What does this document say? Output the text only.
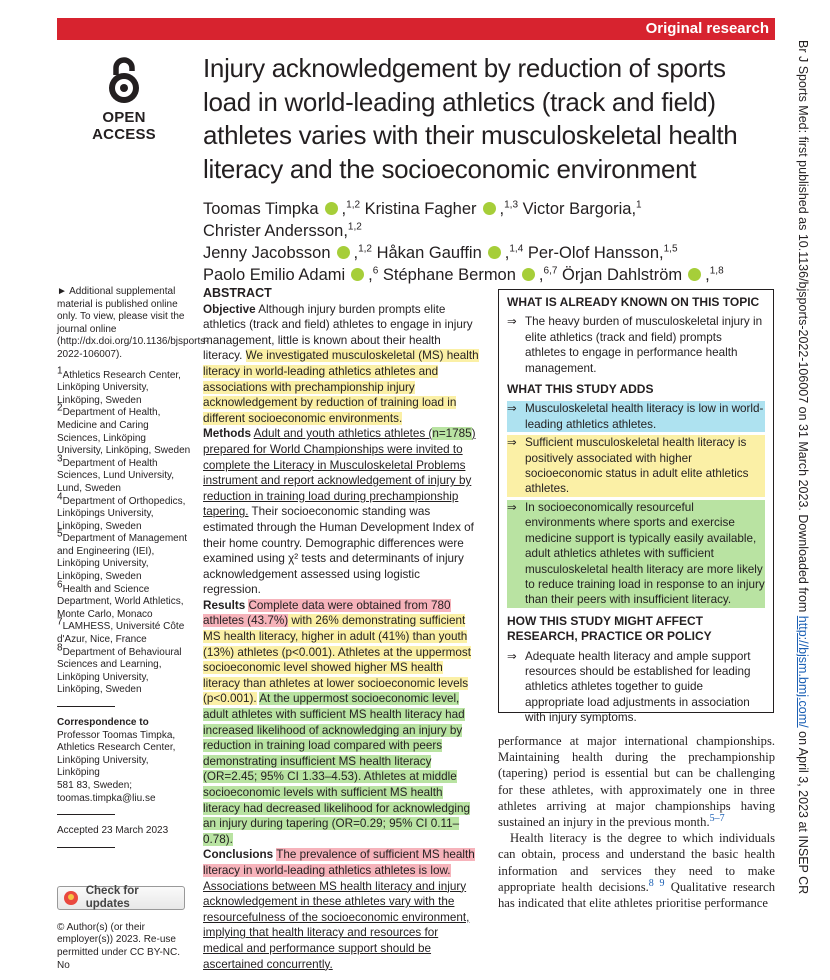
Original research
OPEN ACCESS
Injury acknowledgement by reduction of sports load in world-leading athletics (track and field) athletes varies with their musculoskeletal health literacy and the socioeconomic environment
Toomas Timpka ,$^{1,2}$ Kristina Fagher ,$^{1,3}$ Victor Bargoria,$^1$ Christer Andersson,$^{1,2}$
Jenny Jacobsson ,$^{1,2}$ Håkan Gauffin ,$^{1,4}$ Per-Olof Hansson,$^{1,5}$
Paolo Emilio Adami ,$^6$ Stéphane Bermon ,$^{6,7}$ Örjan Dahlström ,$^{1,8}$

► Additional supplemental material is published online only. To view, please visit the journal online (http://dx.doi.org/10.1136/bjsports-2022-106007).

$^1$Athletics Research Center, Linköping University, Linköping, Sweden

$^2$Department of Health, Medicine and Caring Sciences, Linköping University, Linköping, Sweden

$^3$Department of Health Sciences, Lund University, Lund, Sweden

$^4$Department of Orthopedics, Linköpings University, Linköping, Sweden

$^5$Department of Management and Engineering (IEI), Linköping University, Linköping, Sweden

$^6$Health and Science Department, World Athletics, Monte Carlo, Monaco

$^7$LAMHESS, Université Côte d'Azur, Nice, France

$^8$Department of Behavioural Sciences and Learning, Linköping University, Linköping, Sweden

Correspondence to
Professor Toomas Timpka,
Athletics Research Center,
Linköping University, Linköping
581 83, Sweden;
toomas.timpka@liu.se

Accepted 23 March 2023

Check for updates

© Author(s) (or their employer(s)) 2023. Re-use permitted under CC BY-NC. No

ABSTRACT

Objective Although injury burden prompts elite athletics (track and field) athletes to engage in injury management, little is known about their health literacy. We investigated musculoskeletal (MS) health literacy in world-leading athletics athletes and associations with prechampionship injury acknowledgement by reduction of training load in different socioeconomic environments.

Methods Adult and youth athletics athletes (n=1785) prepared for World Championships were invited to complete the Literacy in Musculoskeletal Problems instrument and report acknowledgement of injury by reduction in training load during prechampionship tapering. Their socioeconomic standing was estimated through the Human Development Index of their home country. Demographic differences were examined using χ² tests and determinants of injury acknowledgement assessed using logistic regression.

Results Complete data were obtained from 780 athletes (43.7%) with 26% demonstrating sufficient MS health literacy, higher in adult (41%) than youth (13%) athletes (p<0.001). Athletes at the uppermost socioeconomic level showed higher MS health literacy than athletes at lower socioeconomic levels (p<0.001). At the uppermost socioeconomic level, adult athletes with sufficient MS health literacy had increased likelihood of acknowledging an injury by reduction in training load compared with peers demonstrating insufficient MS health literacy (OR=2.45; 95% CI 1.33–4.53). Athletes at middle socioeconomic levels with sufficient MS health literacy had decreased likelihood for acknowledging an injury during tapering (OR=0.29; 95% CI 0.11–0.78).

Conclusions The prevalence of sufficient MS health literacy in world-leading athletics athletes is low. Associations between MS health literacy and injury acknowledgement in these athletes vary with the resourcefulness of the socioeconomic environment, implying that health literacy and resources for medical and performance support should be ascertained concurrently.

WHAT IS ALREADY KNOWN ON THIS TOPIC
⇒ The heavy burden of musculoskeletal injury in elite athletics (track and field) prompts athletes to engage in performance health management.
WHAT THIS STUDY ADDS
⇒ Musculoskeletal health literacy is low in world-leading athletics athletes.
⇒ Sufficient musculoskeletal health literacy is positively associated with higher socioeconomic status in adult elite athletics athletes.
⇒ In socioeconomically resourceful environments where sports and exercise medicine support is typically easily available, adult athletics athletes with sufficient musculoskeletal health literacy are more likely to reduce training load in response to an injury than their peers with insufficient literacy.
HOW THIS STUDY MIGHT AFFECT RESEARCH, PRACTICE OR POLICY
⇒ Adequate health literacy and ample support resources should be established for leading athletics athletes together to guide appropriate load adjustments in association with injury symptoms.

performance at major international championships. Maintaining health during the prechampionship (tapering) period is essential but can be challenging for these athletes, with approximately one in three athletes arriving at major championships having sustained an injury in the previous month.$^{5-7}$

Health literacy is the degree to which individuals can obtain, process and understand the basic health information and services they need to make appropriate health decisions.$^{8 9}$ Qualitative research has indicated that elite athletes prioritise performance

Br J Sports Med: first published as 10.1136/bjsports-2022-106007 on 31 March 2023. Downloaded from http://bjsm.bmj.com/ on April 3, 2023 at INSEP CR
